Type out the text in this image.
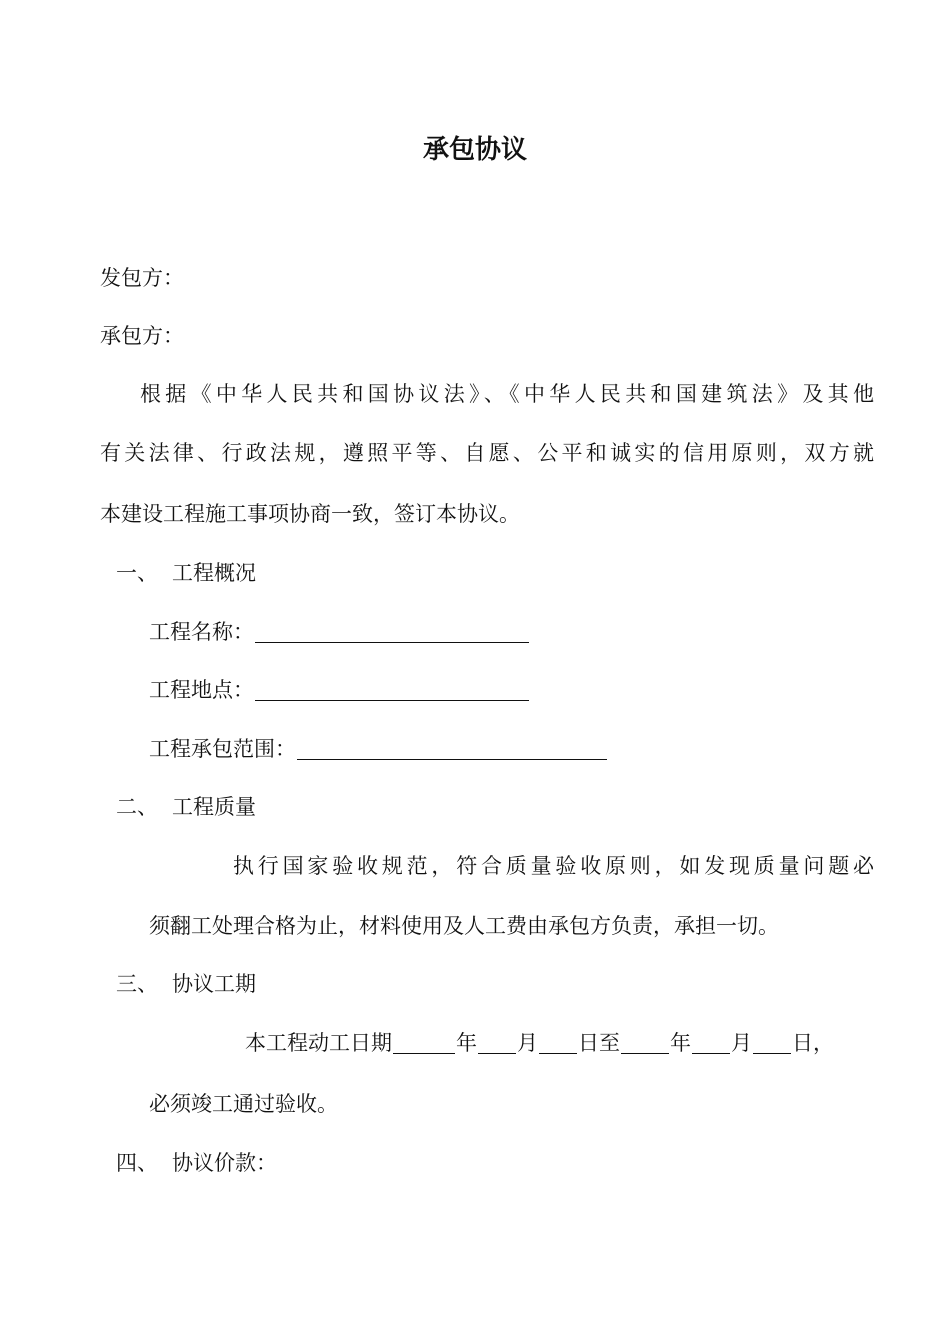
承包协议
发包方：
承包方：
根据《中华人民共和国协议法》、《中华人民共和国建筑法》及其他
有关法律、行政法规，遵照平等、自愿、公平和诚实的信用原则，双方就
本建设工程施工事项协商一致，签订本协议。
一、 工程概况
工程名称：
工程地点：
工程承包范围：
二、 工程质量
执行国家验收规范，符合质量验收原则，如发现质量问题必
须翻工处理合格为止，材料使用及人工费由承包方负责，承担一切。
三、 协议工期
本工程动工日期	年 月 日至 年 月 日，
必须竣工通过验收。
四、 协议价款：
